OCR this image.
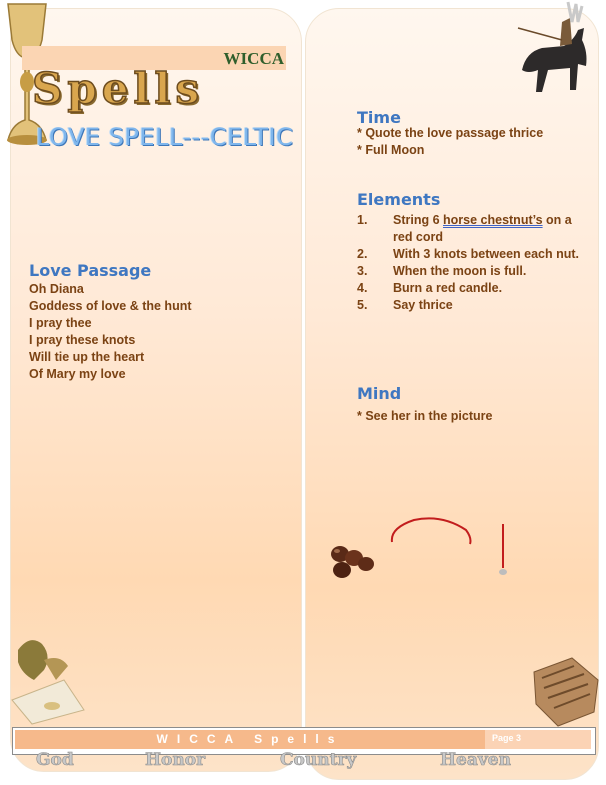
WICCA
Spells
LOVE SPELL---CELTIC
Love Passage
Oh Diana
Goddess of love & the hunt
I pray thee
I pray these knots
Will tie up the heart
Of Mary my love
Time
* Quote the love passage thrice
* Full Moon
Elements
1.	String 6 horse chestnut’s on a red cord
2.	With 3 knots between each nut.
3.	When the moon is full.
4.	Burn a red candle.
5.	Say thrice
Mind
* See her in the picture
WICCA Spells	Page 3
God	Honor	Country	Heaven
